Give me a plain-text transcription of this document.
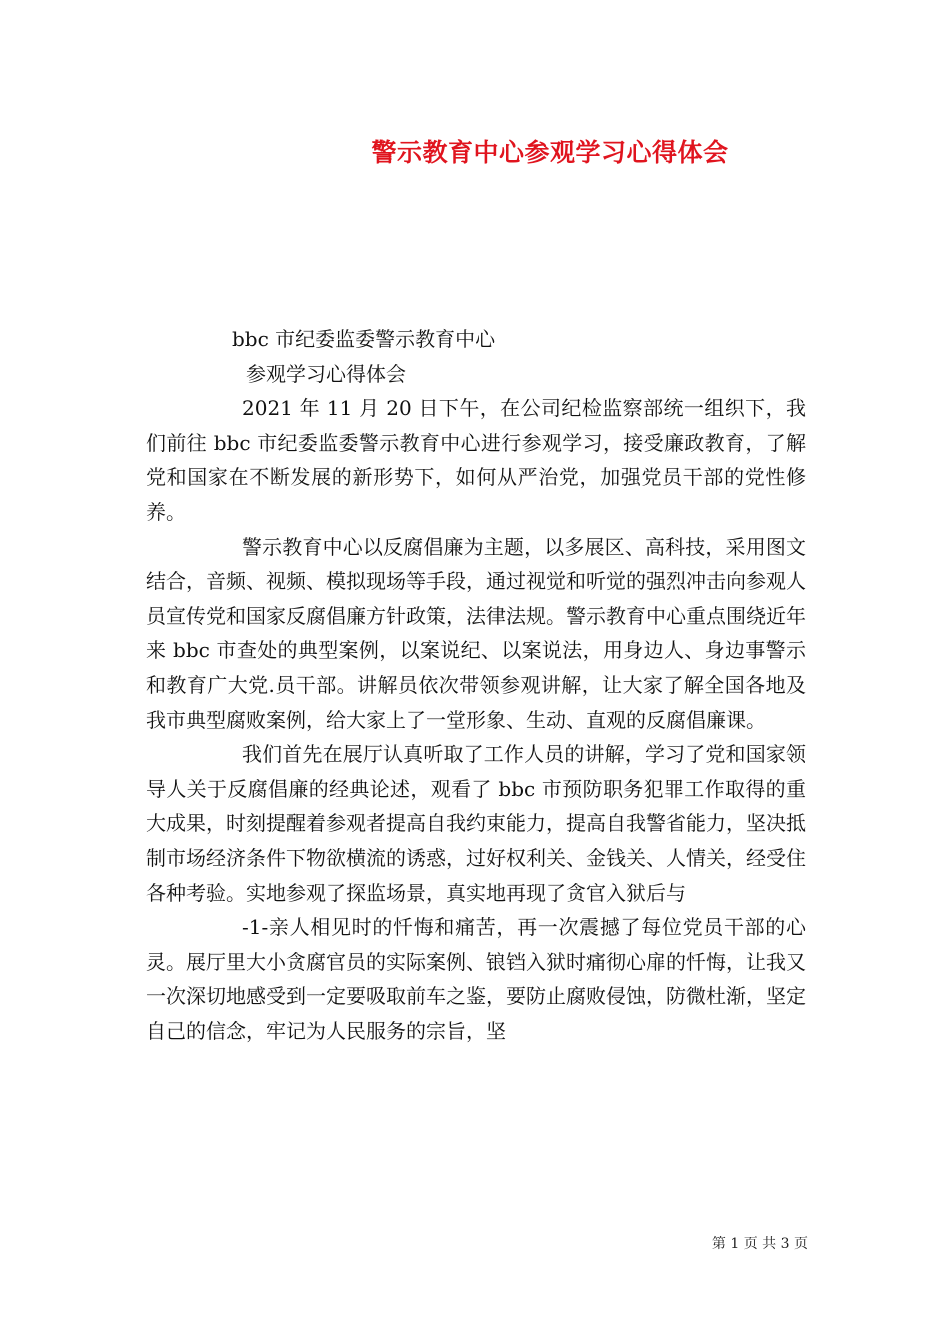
警示教育中心参观学习心得体会

bbc 市纪委监委警示教育中心

参观学习心得体会

2021 年 11 月 20 日下午，在公司纪检监察部统一组织下，我们前往 bbc 市纪委监委警示教育中心进行参观学习，接受廉政教育，了解党和国家在不断发展的新形势下，如何从严治党，加强党员干部的党性修养。

警示教育中心以反腐倡廉为主题，以多展区、高科技，采用图文结合，音频、视频、模拟现场等手段，通过视觉和听觉的强烈冲击向参观人员宣传党和国家反腐倡廉方针政策，法律法规。警示教育中心重点围绕近年来 bbc 市查处的典型案例，以案说纪、以案说法，用身边人、身边事警示和教育广大党.员干部。讲解员依次带领参观讲解，让大家了解全国各地及我市典型腐败案例，给大家上了一堂形象、生动、直观的反腐倡廉课。

我们首先在展厅认真听取了工作人员的讲解，学习了党和国家领导人关于反腐倡廉的经典论述，观看了 bbc 市预防职务犯罪工作取得的重大成果，时刻提醒着参观者提高自我约束能力，提高自我警省能力，坚决抵制市场经济条件下物欲横流的诱惑，过好权利关、金钱关、人情关，经受住各种考验。实地参观了探监场景，真实地再现了贪官入狱后与

-1-亲人相见时的忏悔和痛苦，再一次震撼了每位党员干部的心灵。展厅里大小贪腐官员的实际案例、锒铛入狱时痛彻心扉的忏悔，让我又一次深切地感受到一定要吸取前车之鉴，要防止腐败侵蚀，防微杜渐，坚定自己的信念，牢记为人民服务的宗旨，坚

第 1 页 共 3 页
